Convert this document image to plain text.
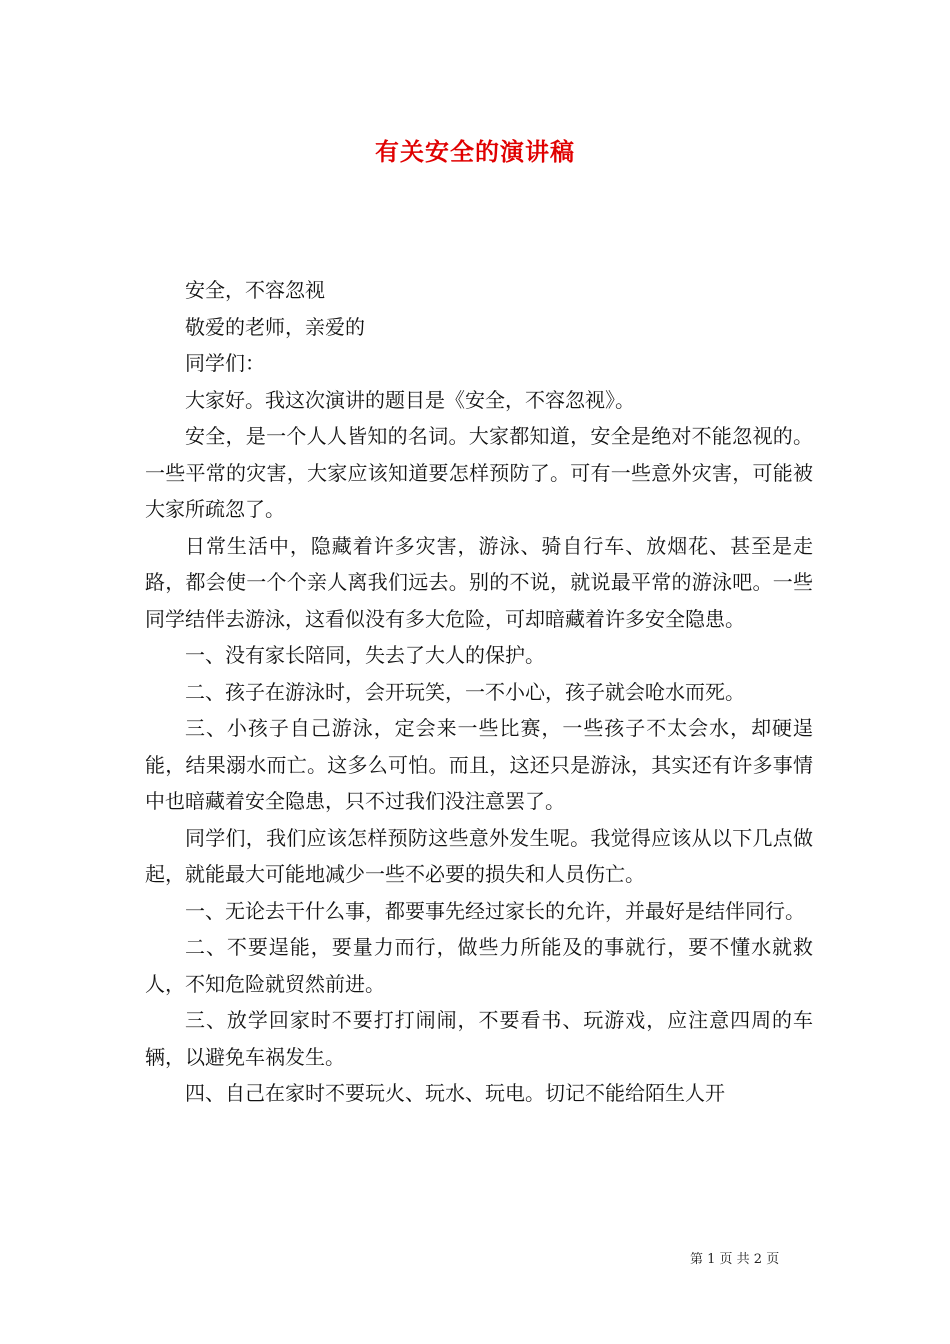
有关安全的演讲稿

安全，不容忽视

敬爱的老师，亲爱的

同学们：

大家好。我这次演讲的题目是《安全，不容忽视》。

安全，是一个人人皆知的名词。大家都知道，安全是绝对不能忽视的。一些平常的灾害，大家应该知道要怎样预防了。可有一些意外灾害，可能被大家所疏忽了。

日常生活中，隐藏着许多灾害，游泳、骑自行车、放烟花、甚至是走路，都会使一个个亲人离我们远去。别的不说，就说最平常的游泳吧。一些同学结伴去游泳，这看似没有多大危险，可却暗藏着许多安全隐患。

一、没有家长陪同，失去了大人的保护。

二、孩子在游泳时，会开玩笑，一不小心，孩子就会呛水而死。

三、小孩子自己游泳，定会来一些比赛，一些孩子不太会水，却硬逞能，结果溺水而亡。这多么可怕。而且，这还只是游泳，其实还有许多事情中也暗藏着安全隐患，只不过我们没注意罢了。

同学们，我们应该怎样预防这些意外发生呢。我觉得应该从以下几点做起，就能最大可能地减少一些不必要的损失和人员伤亡。

一、无论去干什么事，都要事先经过家长的允许，并最好是结伴同行。

二、不要逞能，要量力而行，做些力所能及的事就行，要不懂水就救人，不知危险就贸然前进。

三、放学回家时不要打打闹闹，不要看书、玩游戏，应注意四周的车辆，以避免车祸发生。

四、自己在家时不要玩火、玩水、玩电。切记不能给陌生人开

第 1 页 共 2 页
